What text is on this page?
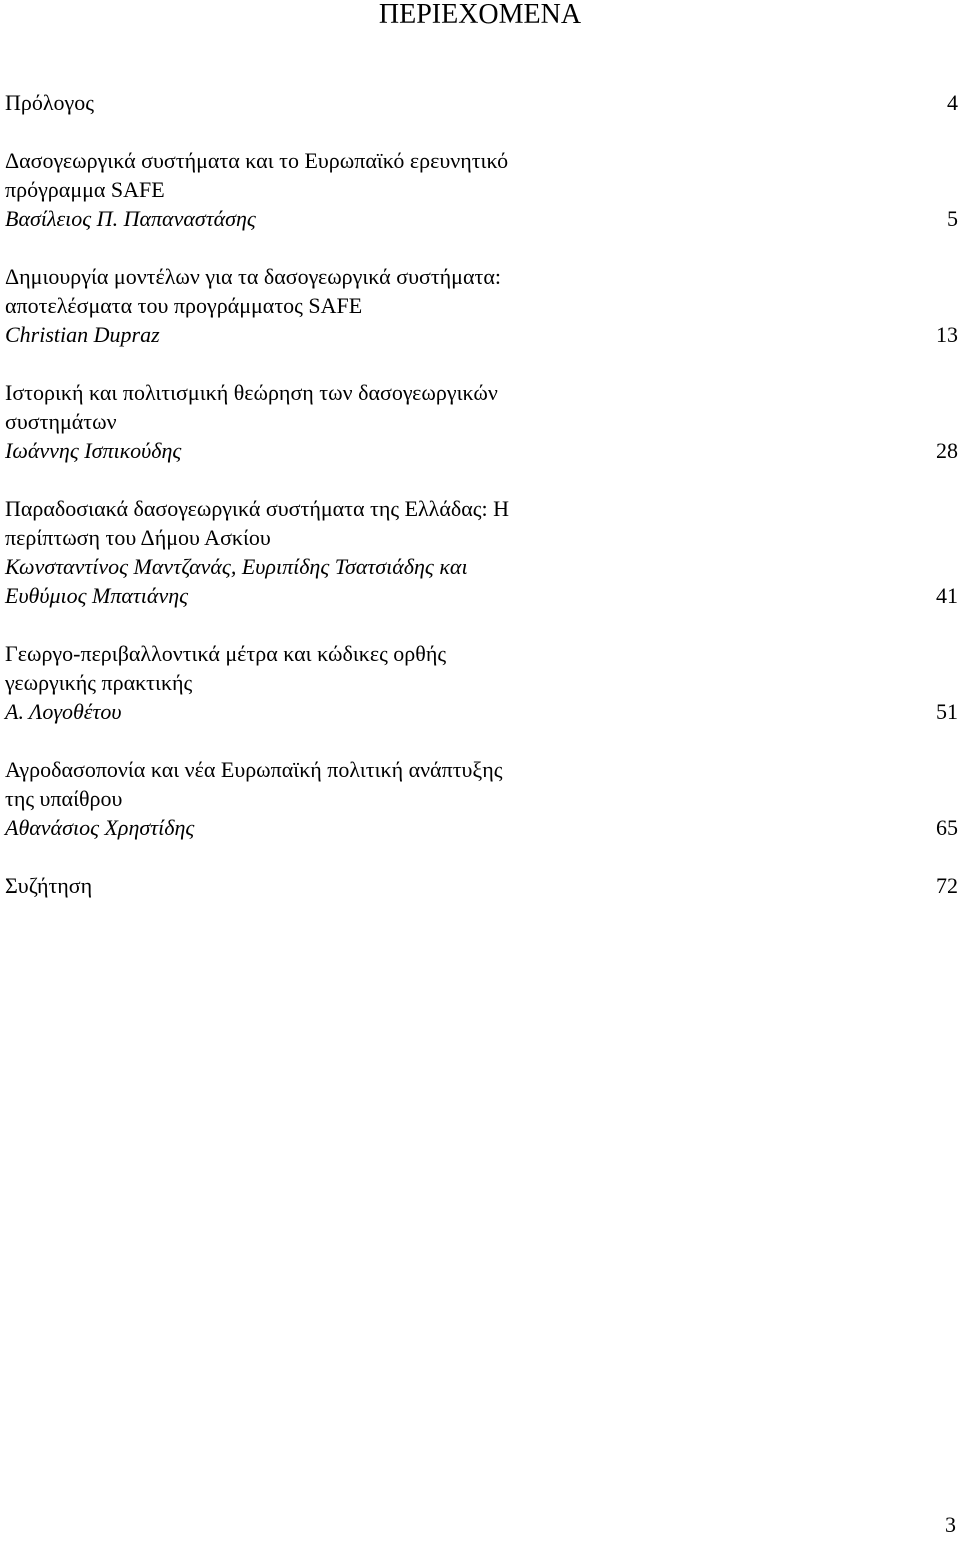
ΠΕΡΙΕΧΟΜΕΝΑ
Πρόλογος	4
Δασογεωργικά συστήματα και το Ευρωπαϊκό ερευνητικό
πρόγραμμα SAFE
Βασίλειος Π. Παπαναστάσης	5
Δημιουργία μοντέλων για τα δασογεωργικά συστήματα:
αποτελέσματα του προγράμματος SAFE
Christian Dupraz	13
Ιστορική και πολιτισμική θεώρηση των δασογεωργικών
συστημάτων
Ιωάννης Ισπικούδης	28
Παραδοσιακά δασογεωργικά συστήματα της Ελλάδας: Η
περίπτωση του Δήμου Ασκίου
Κωνσταντίνος Μαντζανάς, Ευριπίδης Τσατσιάδης και
Ευθύμιος Μπατιάνης	41
Γεωργο-περιβαλλοντικά μέτρα και κώδικες ορθής
γεωργικής πρακτικής
Α. Λογοθέτου	51
Αγροδασοπονία και νέα Ευρωπαϊκή πολιτική ανάπτυξης
της υπαίθρου
Αθανάσιος Χρηστίδης	65
Συζήτηση	72
3
